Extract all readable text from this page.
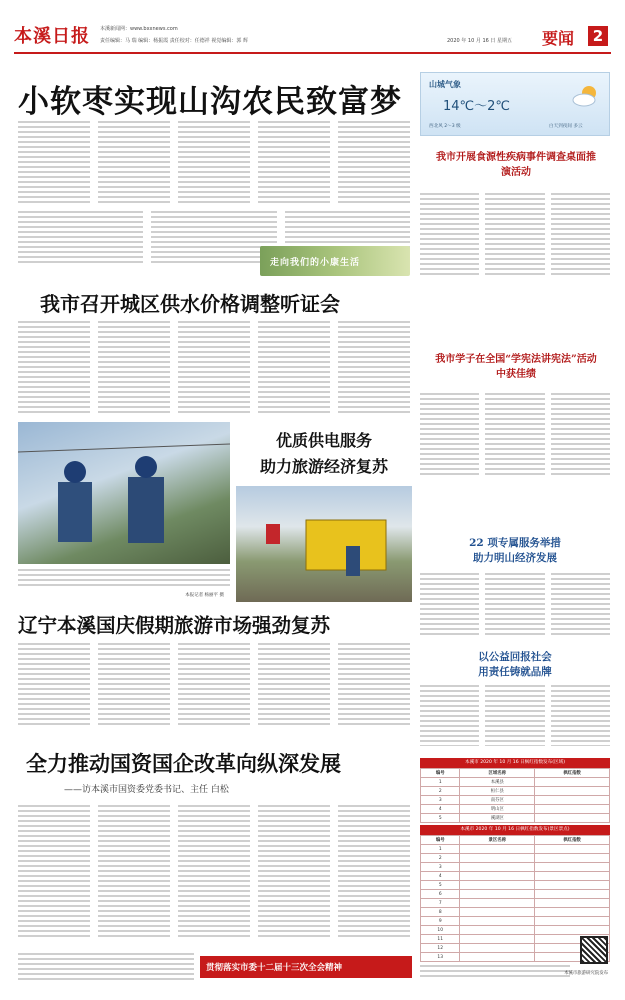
本溪日报 本溪新闻网：www.bxxnews.com
责任编辑：马 瑞 编辑：杨振霞 责任校对：任德祥 视觉编辑：郭 辉	2020 年 10 月 16 日 星期五 要闻	2
小软枣实现山沟农民致富梦
走向我们的小康生活
山城气象
14℃～2℃
西北风 2～3 级	白天到夜间 多云
我市开展食源性疾病事件调查桌面推演活动
我市召开城区供水价格调整听证会
我市学子在全国“学宪法讲宪法”活动中获佳绩
优质供电服务
助力旅游经济复苏
本报记者 杨丽平 摄
22 项专属服务举措
助力明山经济发展
辽宁本溪国庆假期旅游市场强劲复苏
以公益回报社会
用责任铸就品牌
全力推动国资国企改革向纵深发展
——访本溪市国资委党委书记、主任 白松
本溪市 2020 年 10 月 16 日枫红指数发布(区域)
编号	区域名称	枫红指数
1	本溪县	
2	桓仁县	
3	南芬区	
4	明山区	
5	溪湖区	
本溪市 2020 年 10 月 16 日枫红指数发布(景区景点)
编号	景区名称	枫红指数
1		
2		
3		
4		
5		
6		
7		
8		
9		
10		
11		
12		
13		
本溪市旅游研究院发布
贯彻落实市委十二届十三次全会精神
